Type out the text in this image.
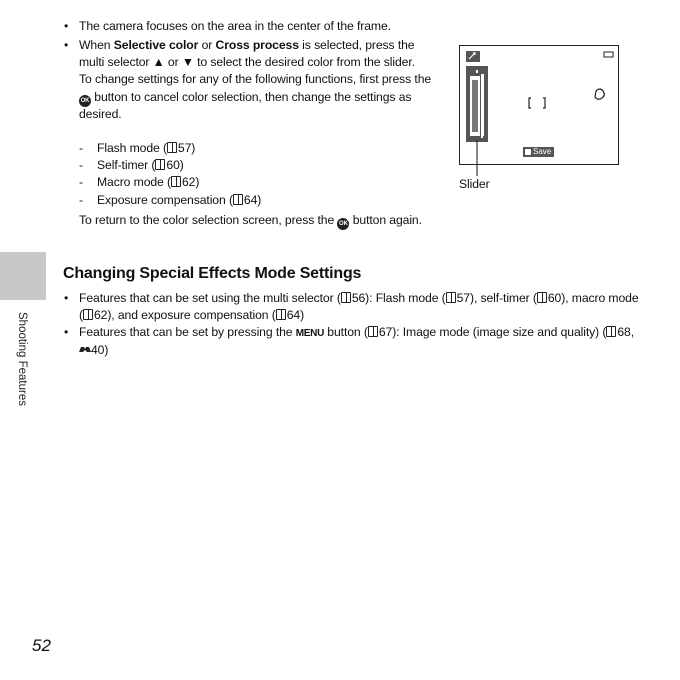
• The camera focuses on the area in the center of the frame.
• When Selective color or Cross process is selected, press the multi selector ▲ or ▼ to select the desired color from the slider.
To change settings for any of the following functions, first press the OK button to cancel color selection, then change the settings as desired.
- Flash mode ( 57)
- Self-timer ( 60)
- Macro mode ( 62)
- Exposure compensation ( 64)
To return to the color selection screen, press the OK button again.
Save
Slider
Changing Special Effects Mode Settings
• Features that can be set using the multi selector ( 56): Flash mode ( 57), self-timer ( 60), macro mode ( 62), and exposure compensation ( 64)
• Features that can be set by pressing the MENU button ( 67): Image mode (image size and quality) ( 68, 40)
Shooting Features
52
